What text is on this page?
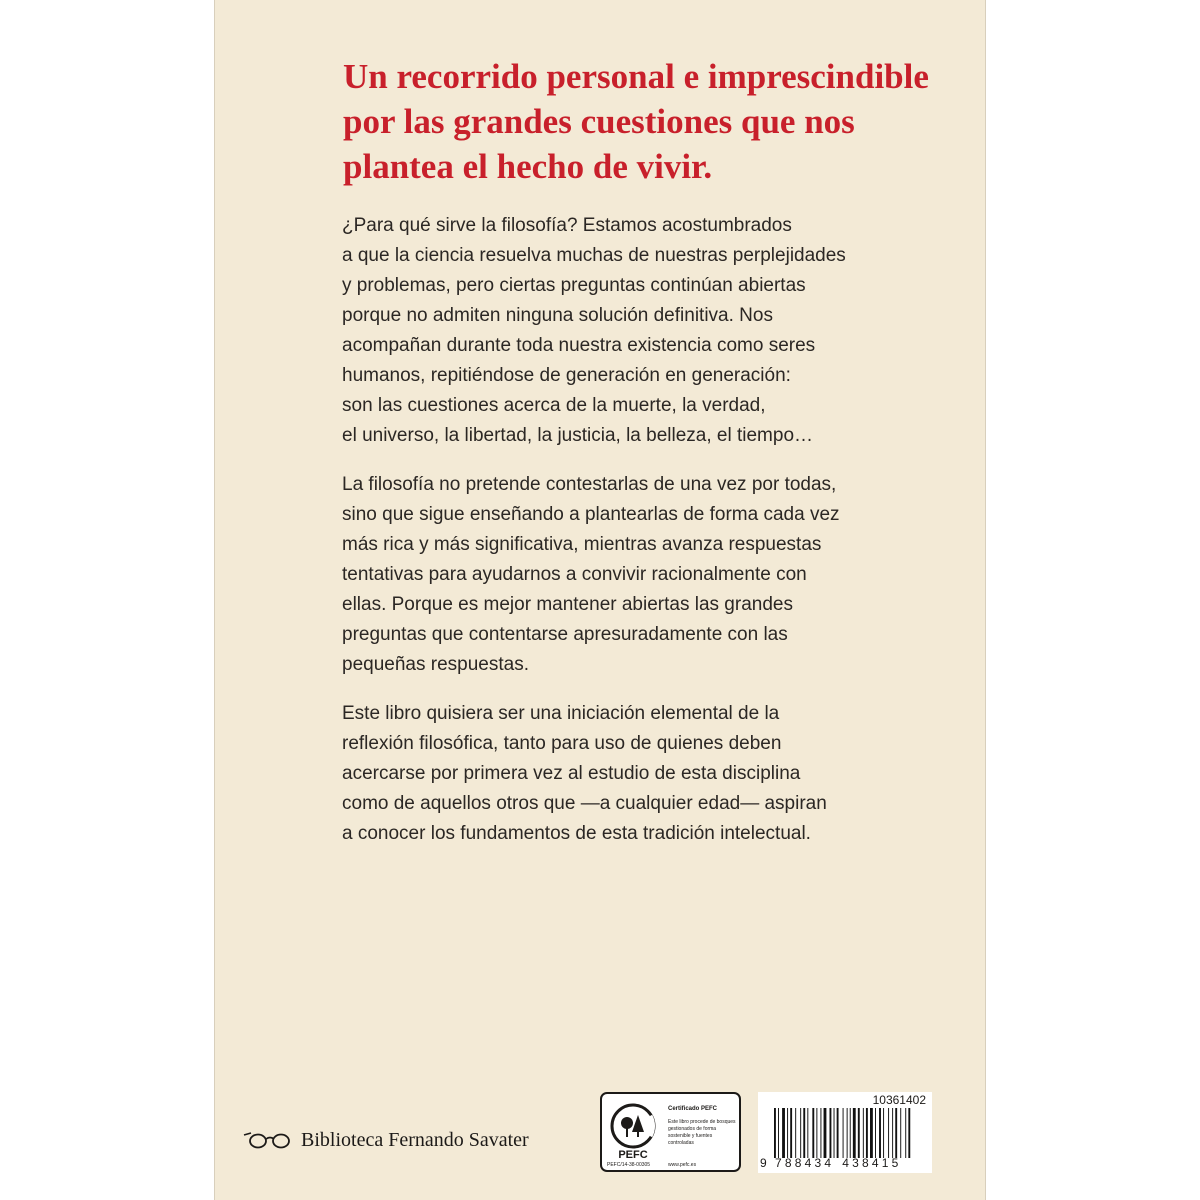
Un recorrido personal e imprescindible
por las grandes cuestiones que nos
plantea el hecho de vivir.

¿Para qué sirve la filosofía? Estamos acostumbrados
a que la ciencia resuelva muchas de nuestras perplejidades
y problemas, pero ciertas preguntas continúan abiertas
porque no admiten ninguna solución definitiva. Nos
acompañan durante toda nuestra existencia como seres
humanos, repitiéndose de generación en generación:
son las cuestiones acerca de la muerte, la verdad,
el universo, la libertad, la justicia, la belleza, el tiempo…

La filosofía no pretende contestarlas de una vez por todas,
sino que sigue enseñando a plantearlas de forma cada vez
más rica y más significativa, mientras avanza respuestas
tentativas para ayudarnos a convivir racionalmente con
ellas. Porque es mejor mantener abiertas las grandes
preguntas que contentarse apresuradamente con las
pequeñas respuestas.

Este libro quisiera ser una iniciación elemental de la
reflexión filosófica, tanto para uso de quienes deben
acercarse por primera vez al estudio de esta disciplina
como de aquellos otros que —a cualquier edad— aspiran
a conocer los fundamentos de esta tradición intelectual.

Biblioteca Fernando Savater
PEFC
PEFC/14-38-00305
Certificado PEFC
Este libro procede de bosques gestionados de forma sostenible y fuentes controladas
www.pefc.es
10361402
9 788434 438415
